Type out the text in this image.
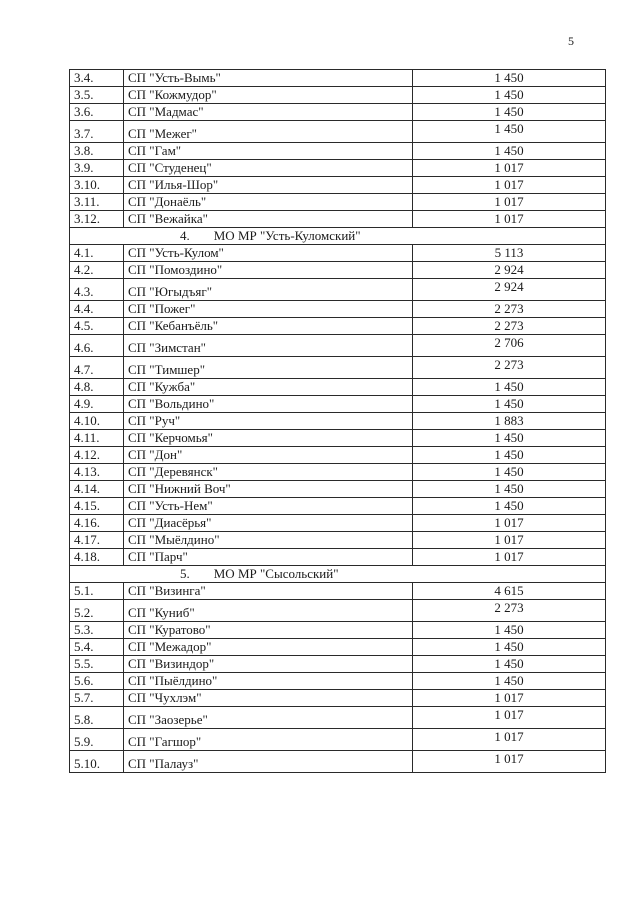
5
3.4.	СП "Усть-Вымь"	1 450
3.5.	СП "Кожмудор"	1 450
3.6.	СП "Мадмас"	1 450
3.7.	СП "Межег"	1 450
3.8.	СП "Гам"	1 450
3.9.	СП "Студенец"	1 017
3.10.	СП "Илья-Шор"	1 017
3.11.	СП "Донаёль"	1 017
3.12.	СП "Вежайка"	1 017
4. МО МР "Усть-Куломский"		
4.1.	СП "Усть-Кулом"	5 113
4.2.	СП "Помоздино"	2 924
4.3.	СП "Югыдъяг"	2 924
4.4.	СП "Пожег"	2 273
4.5.	СП "Кебанъёль"	2 273
4.6.	СП "Зимстан"	2 706
4.7.	СП "Тимшер"	2 273
4.8.	СП "Кужба"	1 450
4.9.	СП "Вольдино"	1 450
4.10.	СП "Руч"	1 883
4.11.	СП "Керчомья"	1 450
4.12.	СП "Дон"	1 450
4.13.	СП "Деревянск"	1 450
4.14.	СП "Нижний Воч"	1 450
4.15.	СП "Усть-Нем"	1 450
4.16.	СП "Диасёрья"	1 017
4.17.	СП "Мыёлдино"	1 017
4.18.	СП "Парч"	1 017
5. МО МР "Сысольский"		
5.1.	СП "Визинга"	4 615
5.2.	СП "Куниб"	2 273
5.3.	СП "Куратово"	1 450
5.4.	СП "Межадор"	1 450
5.5.	СП "Визиндор"	1 450
5.6.	СП "Пыёлдино"	1 450
5.7.	СП "Чухлэм"	1 017
5.8.	СП "Заозерье"	1 017
5.9.	СП "Гагшор"	1 017
5.10.	СП "Палауз"	1 017
